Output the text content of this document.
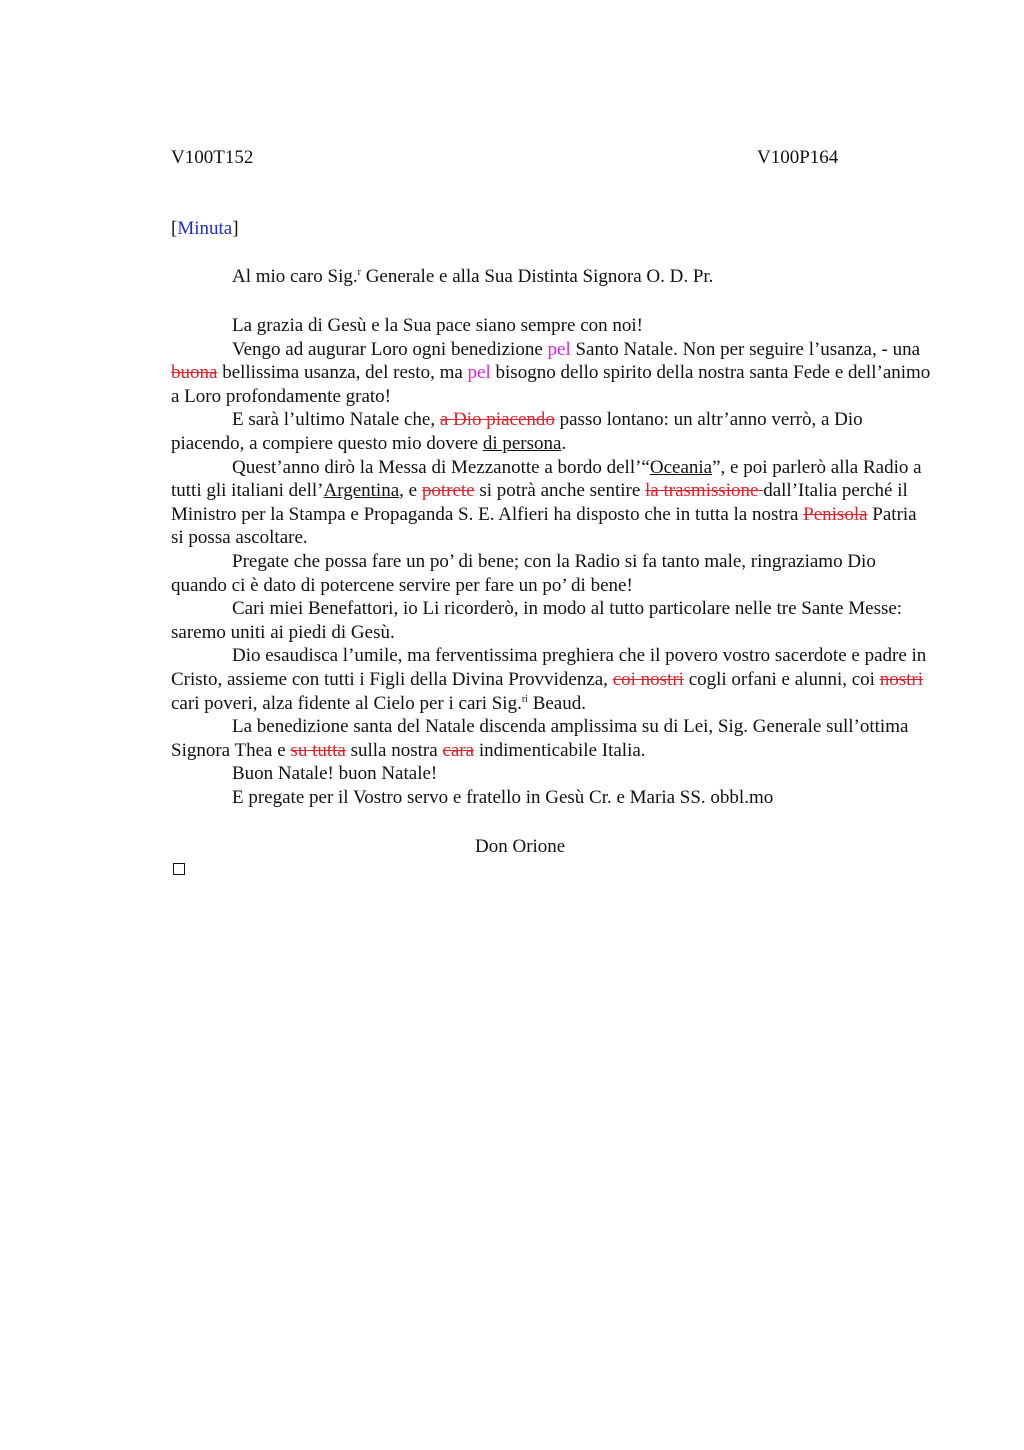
V100T152	V100P164
[Minuta]
Al mio caro Sig.$^r$ Generale e alla Sua Distinta Signora O. D. Pr.

La grazia di Gesù e la Sua pace siano sempre con noi!

Vengo ad augurar Loro ogni benedizione pel Santo Natale. Non per seguire l’usanza, - una buona bellissima usanza, del resto, ma pel bisogno dello spirito della nostra santa Fede e dell’animo a Loro profondamente grato!

E sarà l’ultimo Natale che, a Dio piacendo passo lontano: un altr’anno verrò, a Dio piacendo, a compiere questo mio dovere di persona.

Quest’anno dirò la Messa di Mezzanotte a bordo dell’“Oceania”, e poi parlerò alla Radio a tutti gli italiani dell’Argentina, e potrete si potrà anche sentire la trasmissione dall’Italia perché il Ministro per la Stampa e Propaganda S. E. Alfieri ha disposto che in tutta la nostra Penisola Patria si possa ascoltare.

Pregate che possa fare un po’ di bene; con la Radio si fa tanto male, ringraziamo Dio quando ci è dato di potercene servire per fare un po’ di bene!

Cari miei Benefattori, io Li ricorderò, in modo al tutto particolare nelle tre Sante Messe: saremo uniti ai piedi di Gesù.

Dio esaudisca l’umile, ma ferventissima preghiera che il povero vostro sacerdote e padre in Cristo, assieme con tutti i Figli della Divina Provvidenza, coi nostri cogli orfani e alunni, coi nostri cari poveri, alza fidente al Cielo per i cari Sig.$^{ri}$ Beaud.

La benedizione santa del Natale discenda amplissima su di Lei, Sig. Generale sull’ottima Signora Thea e su tutta sulla nostra cara indimenticabile Italia.

Buon Natale! buon Natale!

E pregate per il Vostro servo e fratello in Gesù Cr. e Maria SS. obbl.mo

Don Orione
